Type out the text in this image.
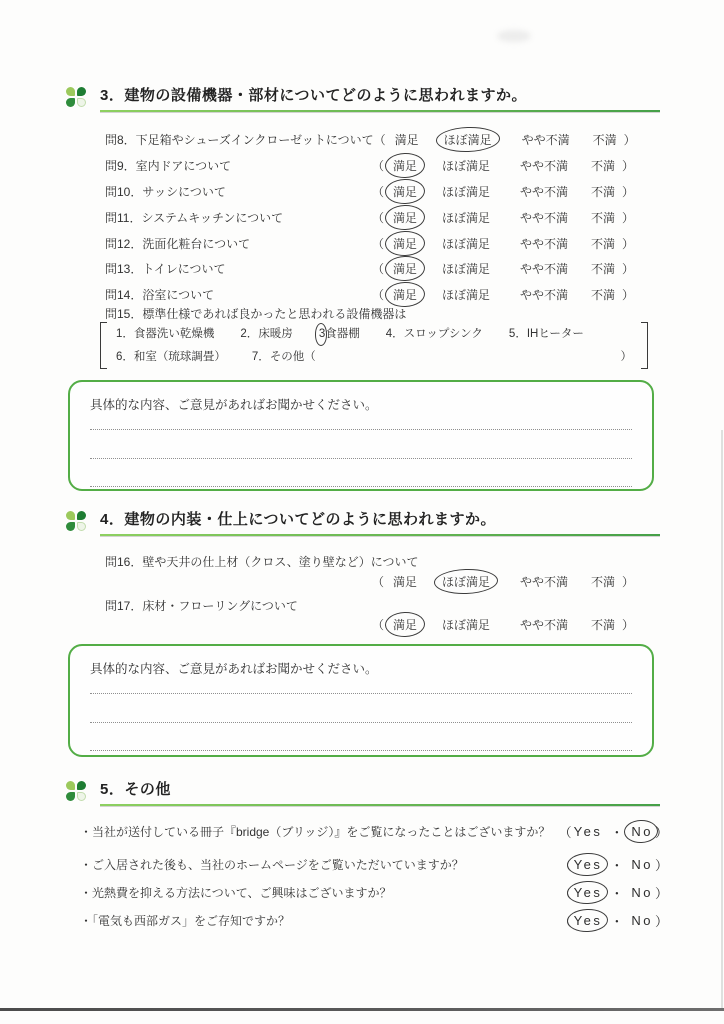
3．建物の設備機器・部材についてどのように思われますか。
問8．下足箱やシューズインクローゼットについて （ 満足	ほぼ満足	やや不満	不満 ）
問9．室内ドアについて	（ 満足	ほぼ満足	やや不満	不満 ）
問10．サッシについて	（ 満足	ほぼ満足	やや不満	不満 ）
問11．システムキッチンについて	（ 満足	ほぼ満足	やや不満	不満 ）
問12．洗面化粧台について	（ 満足	ほぼ満足	やや不満	不満 ）
問13．トイレについて	（ 満足	ほぼ満足	やや不満	不満 ）
問14．浴室について	（ 満足	ほぼ満足	やや不満	不満 ）
問15．標準仕様であれば良かったと思われる設備機器は
1．食器洗い乾燥機 2．床暖房 3食器棚 4．スロップシンク 5．IHヒーター
6．和室（琉球調畳） 7．その他（	）
具体的な内容、ご意見があればお聞かせください。
4．建物の内装・仕上についてどのように思われますか。
問16．壁や天井の仕上材（クロス、塗り壁など）について
（ 満足	ほぼ満足	やや不満	不満 ）
問17．床材・フローリングについて
（ 満足	ほぼ満足	やや不満	不満 ）
具体的な内容、ご意見があればお聞かせください。
5．その他
・当社が送付している冊子『bridge（ブリッジ）』をご覧になったことはございますか？ （ Yes ・ No ）
・ご入居された後も、当社のホームページをご覧いただいていますか？	（ Yes ・ No ）
・光熱費を抑える方法について、ご興味はございますか？	（ Yes ・ No ）
・「電気も西部ガス」をご存知ですか？	（ Yes ・ No ）
